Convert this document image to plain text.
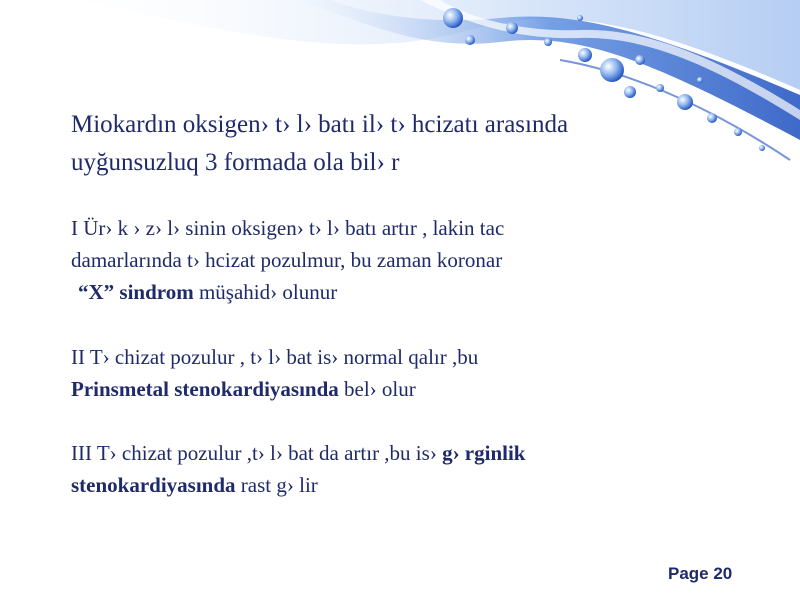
Miokardın oksigen› t› l› batı il› t› hcizatı arasında
uyğunsuzluq 3 formada ola bil› r

I Ür› k › z› l› sinin oksigen› t› l› batı artır , lakin tac
damarlarında t› hcizat pozulmur, bu zaman koronar
“X” sindrom müşahid› olunur

II T› chizat pozulur , t› l› bat is› normal qalır ,bu
Prinsmetal stenokardiyasında bel› olur

III T› chizat pozulur ,t› l› bat da artır ,bu is› g› rginlik
stenokardiyasında rast g› lir

Page 20
